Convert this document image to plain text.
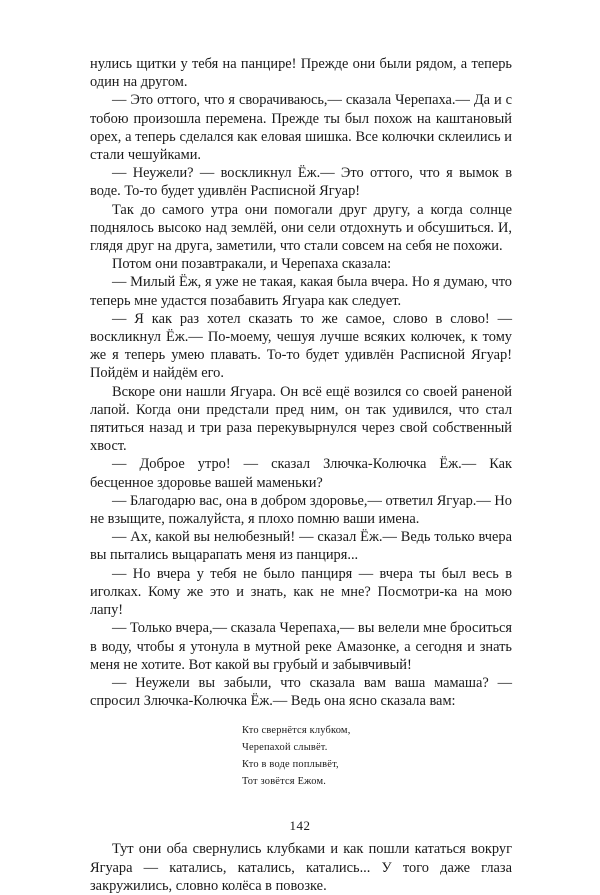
нулись щитки у тебя на панцире! Прежде они были рядом, а теперь один на другом.

— Это оттого, что я сворачиваюсь,— сказала Черепаха.— Да и с тобою произошла перемена. Прежде ты был похож на каштановый орех, а теперь сделался как еловая шишка. Все колючки склеились и стали чешуйками.

— Неужели? — воскликнул Ёж.— Это оттого, что я вымок в воде. То-то будет удивлён Расписной Ягуар!

Так до самого утра они помогали друг другу, а когда солнце поднялось высоко над землёй, они сели отдохнуть и обсушиться. И, глядя друг на друга, заметили, что стали совсем на себя не похожи.

Потом они позавтракали, и Черепаха сказала:

— Милый Ёж, я уже не такая, какая была вчера. Но я думаю, что теперь мне удастся позабавить Ягуара как следует.

— Я как раз хотел сказать то же самое, слово в слово! — воскликнул Ёж.— По-моему, чешуя лучше всяких колючек, к тому же я теперь умею плавать. То-то будет удивлён Расписной Ягуар! Пойдём и найдём его.

Вскоре они нашли Ягуара. Он всё ещё возился со своей раненой лапой. Когда они предстали пред ним, он так удивился, что стал пятиться назад и три раза перекувырнулся через свой собственный хвост.

— Доброе утро! — сказал Злючка-Колючка Ёж.— Как бесценное здоровье вашей маменьки?

— Благодарю вас, она в добром здоровье,— ответил Ягуар.— Но не взыщите, пожалуйста, я плохо помню ваши имена.

— Ах, какой вы нелюбезный! — сказал Ёж.— Ведь только вчера вы пытались выцарапать меня из панциря...

— Но вчера у тебя не было панциря — вчера ты был весь в иголках. Кому же это и знать, как не мне? Посмотри-ка на мою лапу!

— Только вчера,— сказала Черепаха,— вы велели мне броситься в воду, чтобы я утонула в мутной реке Амазонке, а сегодня и знать меня не хотите. Вот какой вы грубый и забывчивый!

— Неужели вы забыли, что сказала вам ваша мамаша? — спросил Злючка-Колючка Ёж.— Ведь она ясно сказала вам:

Кто свернётся клубком,
Черепахой слывёт.
Кто в воде поплывёт,
Тот зовётся Ежом.

Тут они оба свернулись клубками и как пошли кататься вокруг Ягуара — катались, катались, катались... У того даже глаза закружились, словно колёса в повозке.

142
